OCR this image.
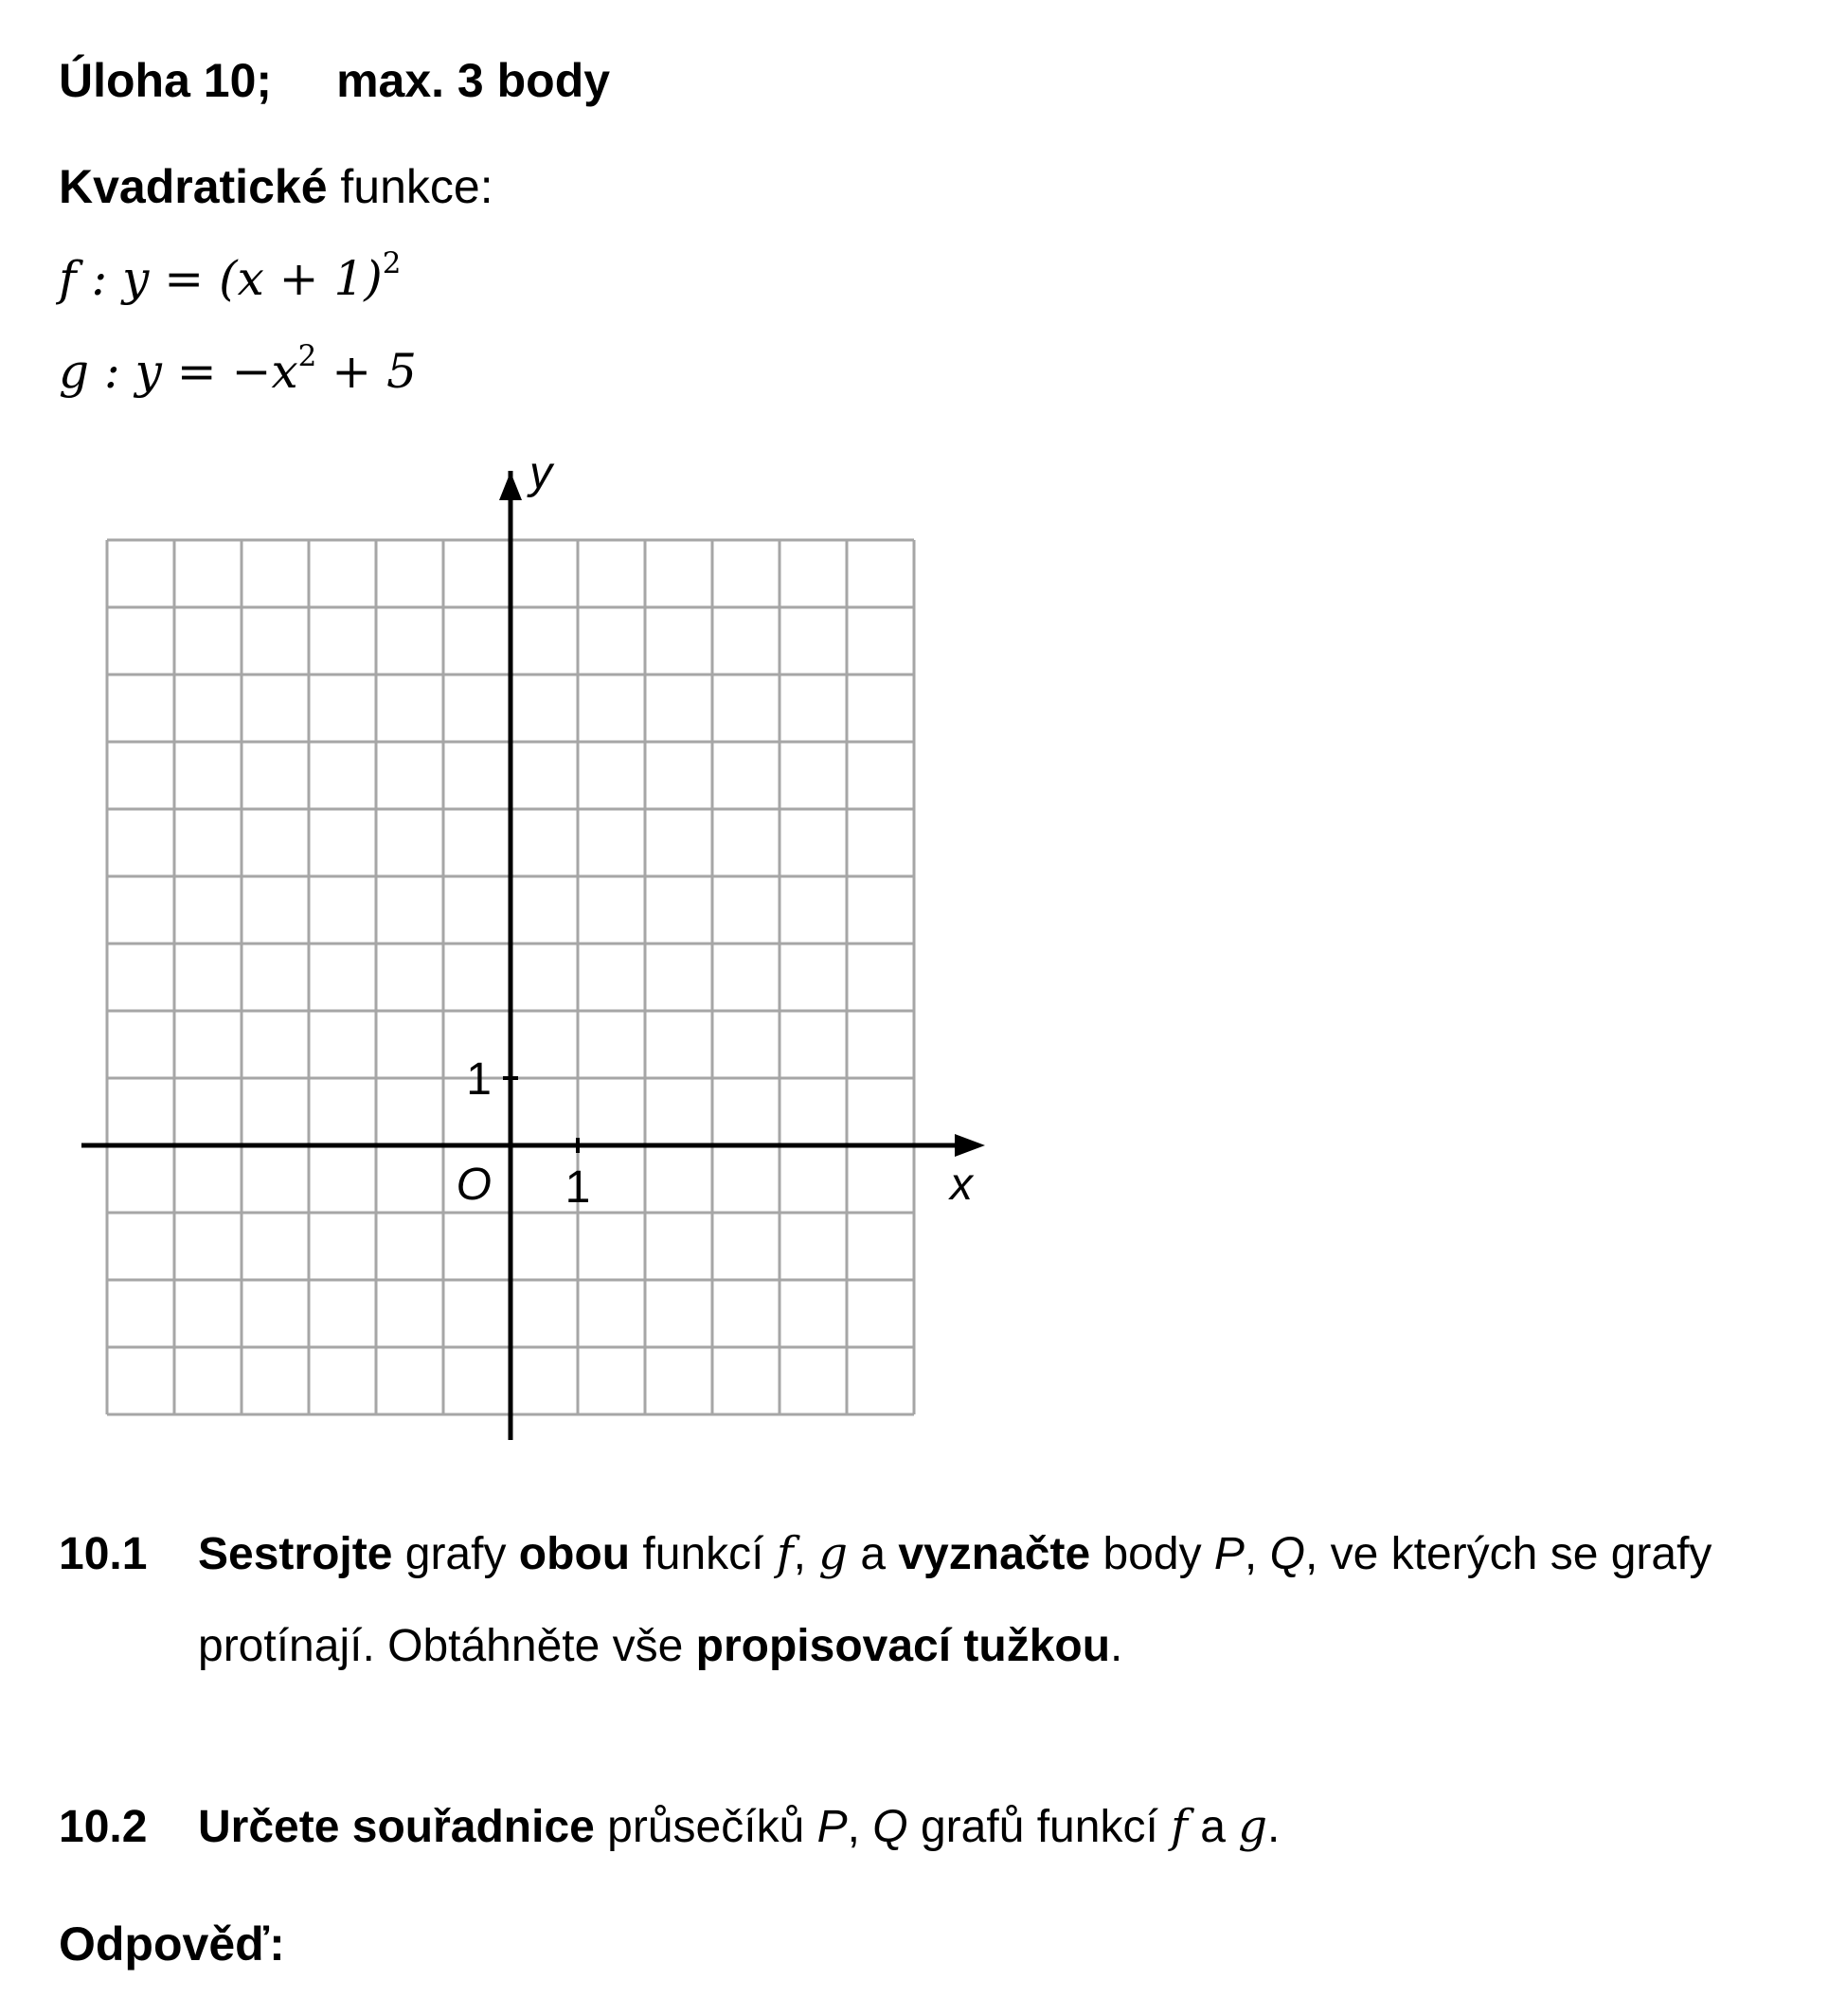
Úloha 10; max. 3 body
Kvadratické funkce:
f : $y = (x + 1)^2$
g : $y = -x^2 + 5$
y
x
O 1
1
10.1 Sestrojte grafy obou funkcí f, g a vyznačte body P, Q, ve kterých se grafy
protínají. Obtáhněte vše propisovací tužkou.
10.2 Určete souřadnice průsečíků P, Q grafů funkcí f a g.
Odpověď:
